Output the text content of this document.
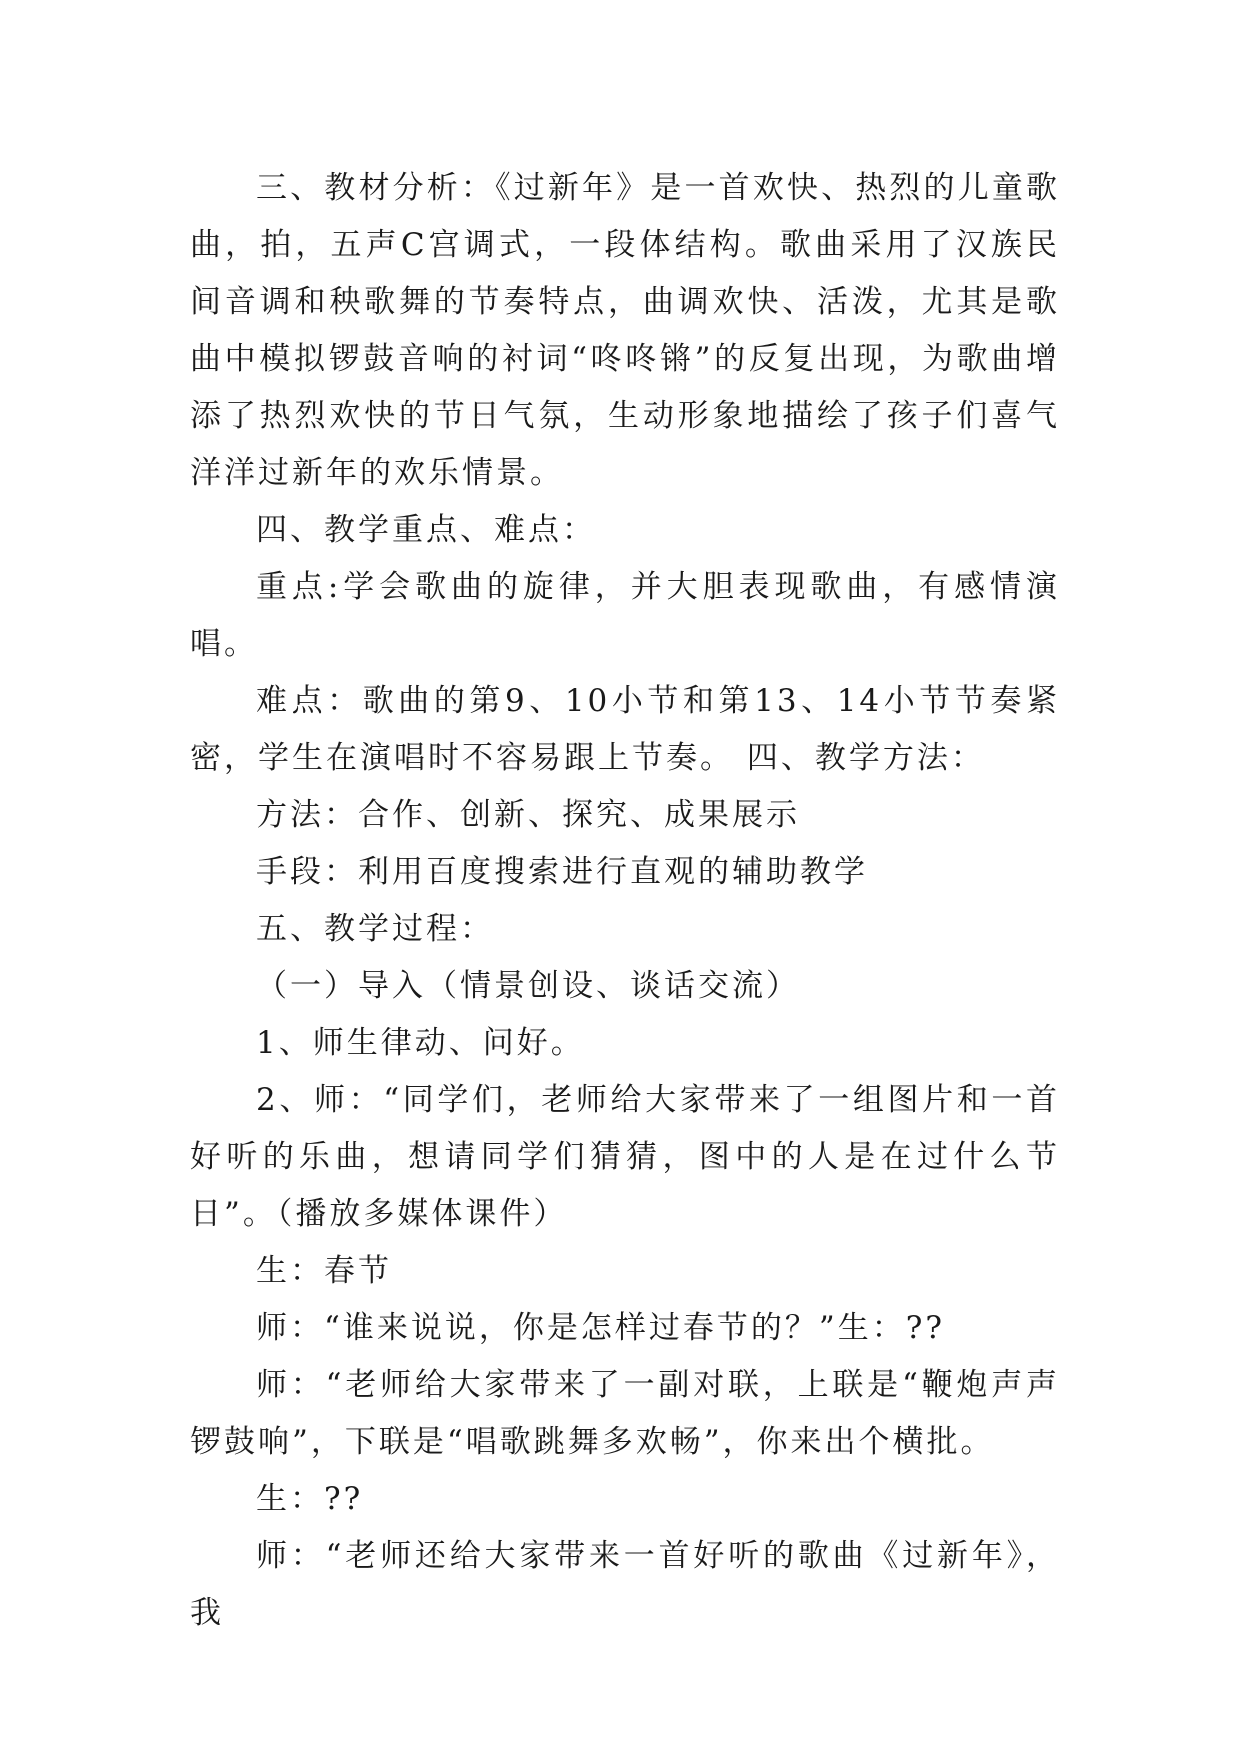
三、教材分析：《过新年》是一首欢快、热烈的儿童歌曲，拍，五声C宫调式，一段体结构。歌曲采用了汉族民间音调和秧歌舞的节奏特点，曲调欢快、活泼，尤其是歌曲中模拟锣鼓音响的衬词“咚咚锵”的反复出现，为歌曲增添了热烈欢快的节日气氛，生动形象地描绘了孩子们喜气洋洋过新年的欢乐情景。

四、教学重点、难点：

重点:学会歌曲的旋律，并大胆表现歌曲，有感情演唱。

难点：歌曲的第9、10小节和第13、14小节节奏紧密，学生在演唱时不容易跟上节奏。 四、教学方法：

方法：合作、创新、探究、成果展示

手段：利用百度搜索进行直观的辅助教学

五、教学过程：

（一）导入（情景创设、谈话交流）

1、师生律动、问好。

2、师：“同学们，老师给大家带来了一组图片和一首好听的乐曲，想请同学们猜猜，图中的人是在过什么节日”。（播放多媒体课件）

生：春节

师：“谁来说说，你是怎样过春节的？”生：??

师：“老师给大家带来了一副对联，上联是“鞭炮声声锣鼓响”，下联是“唱歌跳舞多欢畅”，你来出个横批。

生：??

师：“老师还给大家带来一首好听的歌曲《过新年》，我
